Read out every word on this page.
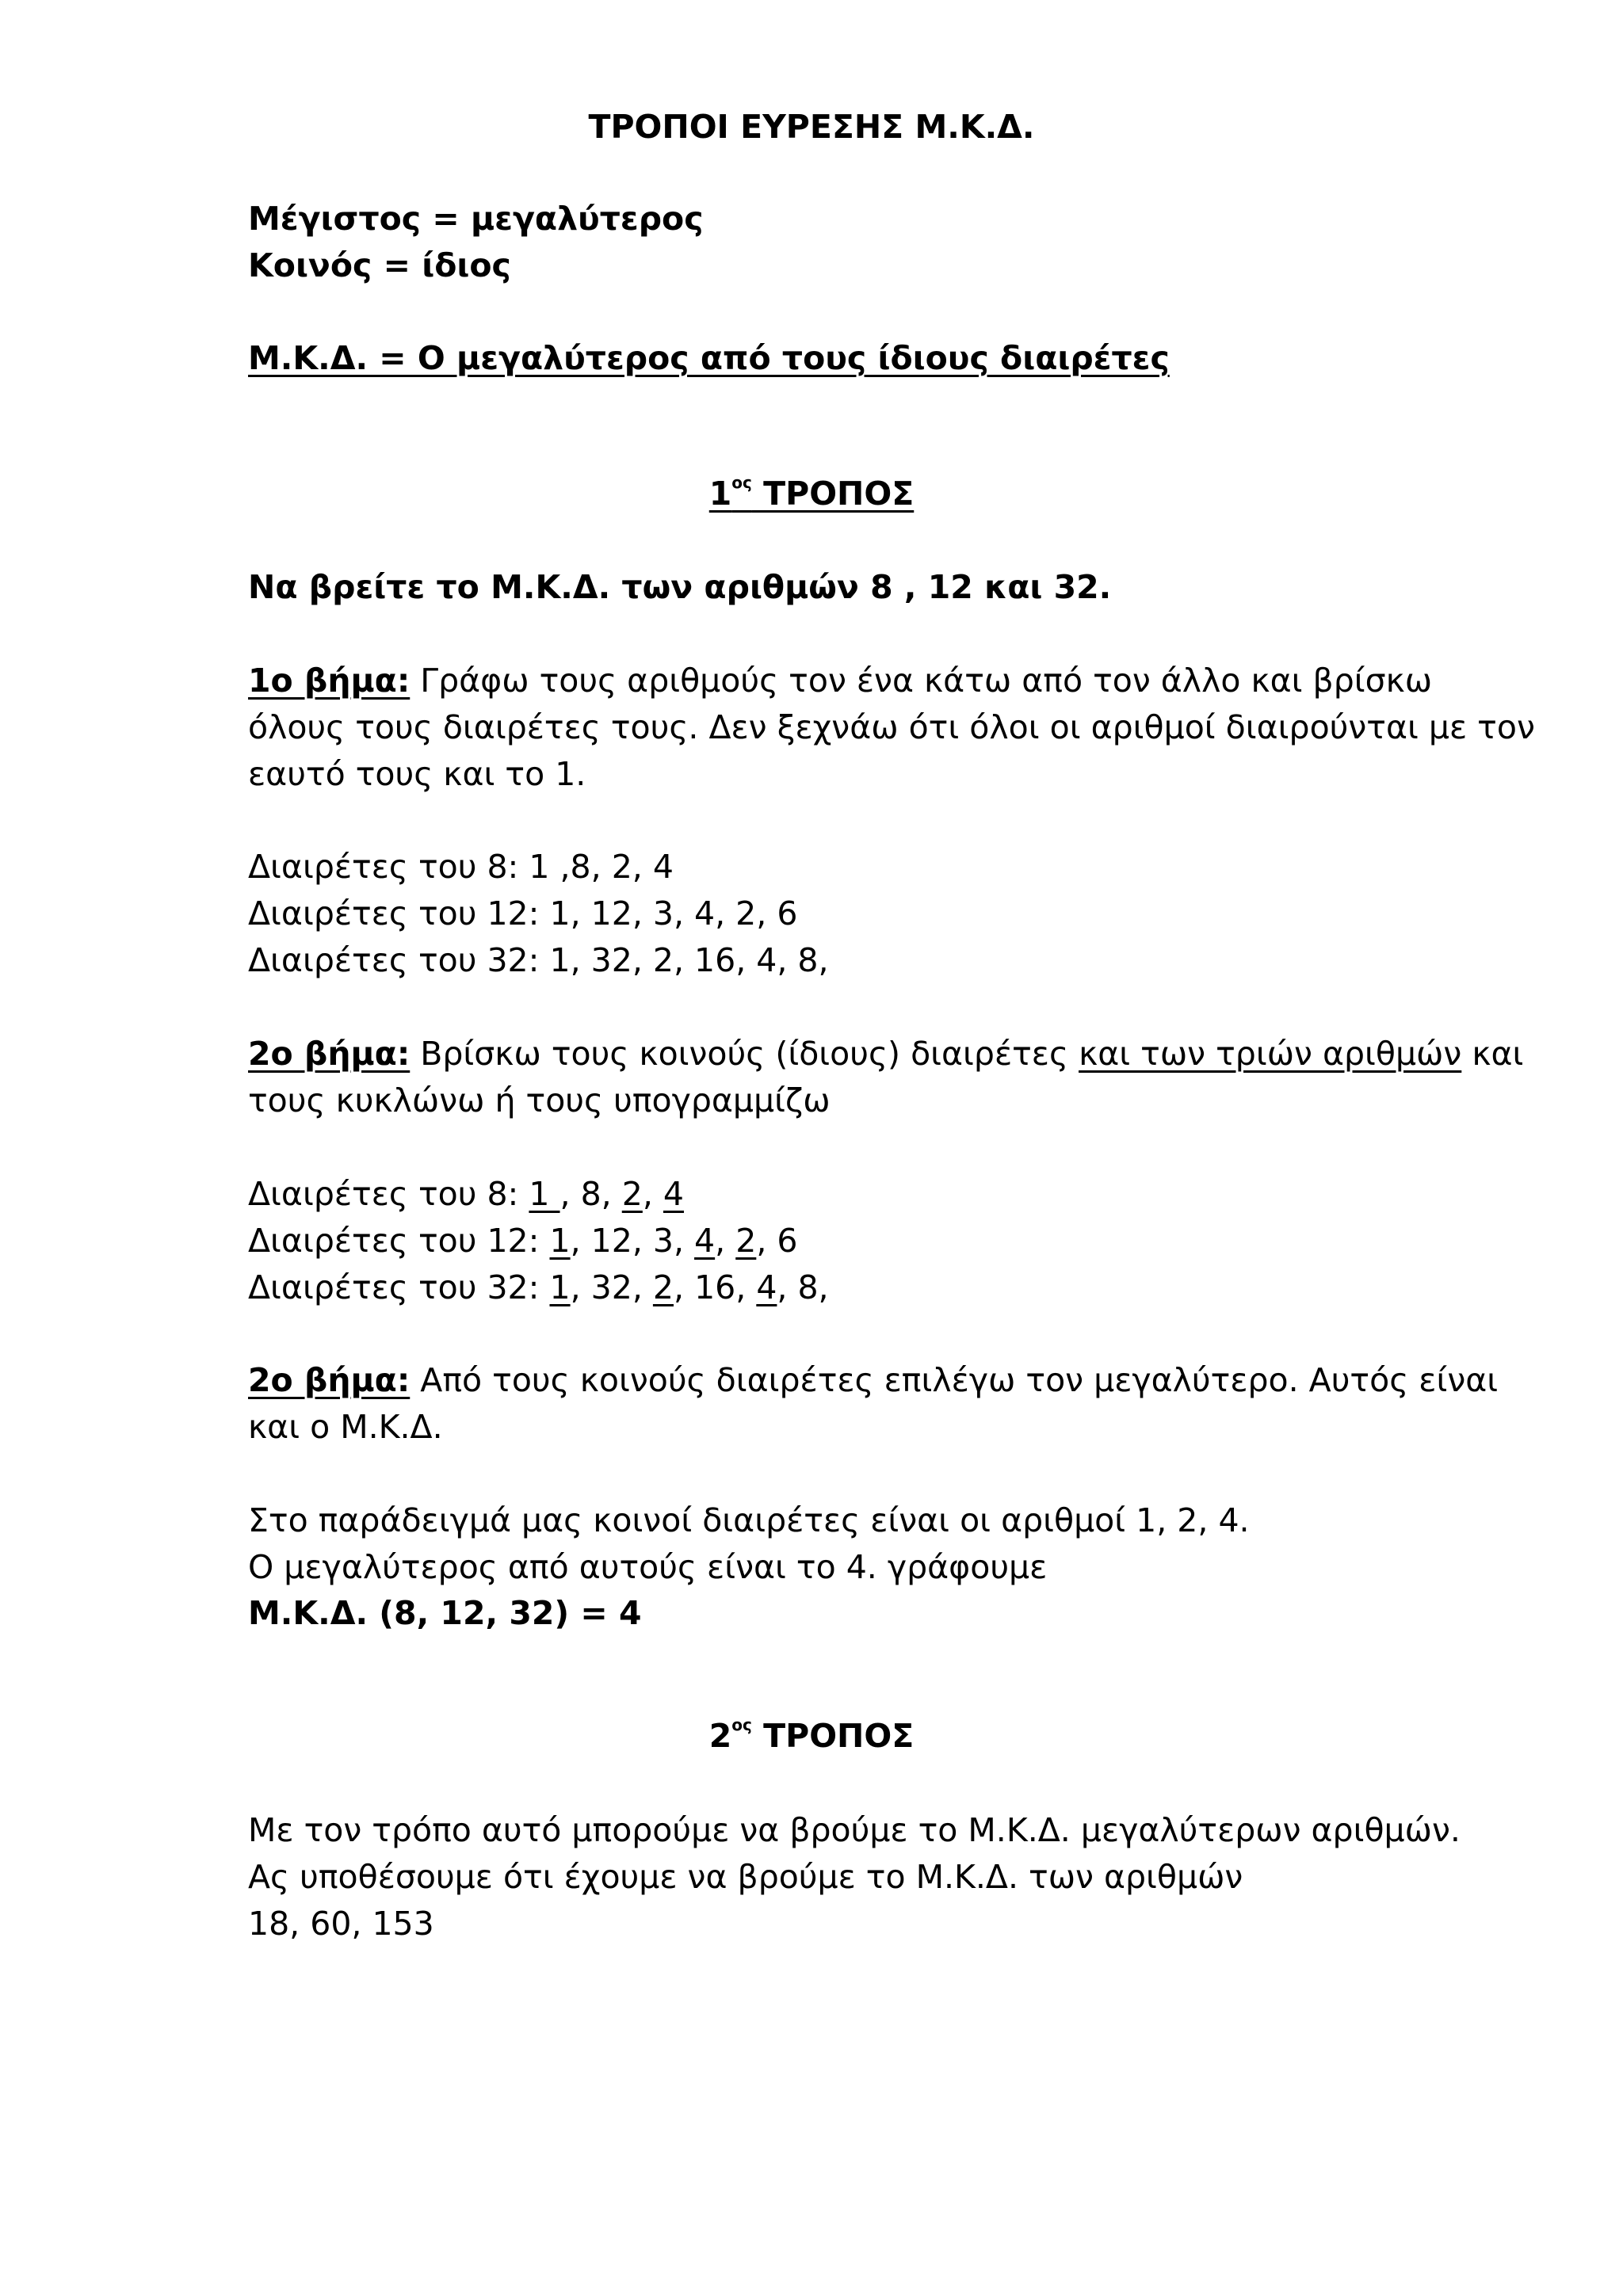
ΤΡΟΠΟΙ ΕΥΡΕΣΗΣ Μ.Κ.Δ.
Μέγιστος = μεγαλύτερος
Κοινός = ίδιος
Μ.Κ.Δ. = Ο μεγαλύτερος από τους ίδιους διαιρέτες
$1^{o\varsigma}$ ΤΡΟΠΟΣ
Να βρείτε το Μ.Κ.Δ. των αριθμών 8 , 12 και 32.
1ο βήμα: Γράφω τους αριθμούς τον ένα κάτω από τον άλλο και βρίσκω
όλους τους διαιρέτες τους. Δεν ξεχνάω ότι όλοι οι αριθμοί διαιρούνται με τον
εαυτό τους και το 1.
Διαιρέτες του 8: 1 ,8, 2, 4
Διαιρέτες του 12: 1, 12, 3, 4, 2, 6
Διαιρέτες του 32: 1, 32, 2, 16, 4, 8,
2ο βήμα: Βρίσκω τους κοινούς (ίδιους) διαιρέτες και των τριών αριθμών και
τους κυκλώνω ή τους υπογραμμίζω
Διαιρέτες του 8: 1 , 8, 2, 4
Διαιρέτες του 12: 1, 12, 3, 4, 2, 6
Διαιρέτες του 32: 1, 32, 2, 16, 4, 8,
2ο βήμα: Από τους κοινούς διαιρέτες επιλέγω τον μεγαλύτερο. Αυτός είναι
και ο Μ.Κ.Δ.
Στο παράδειγμά μας κοινοί διαιρέτες είναι οι αριθμοί 1, 2, 4.
Ο μεγαλύτερος από αυτούς είναι το 4. γράφουμε
Μ.Κ.Δ. (8, 12, 32) = 4
$2^{o\varsigma}$ ΤΡΟΠΟΣ
Με τον τρόπο αυτό μπορούμε να βρούμε το Μ.Κ.Δ. μεγαλύτερων αριθμών.
Ας υποθέσουμε ότι έχουμε να βρούμε το Μ.Κ.Δ. των αριθμών
18, 60, 153
